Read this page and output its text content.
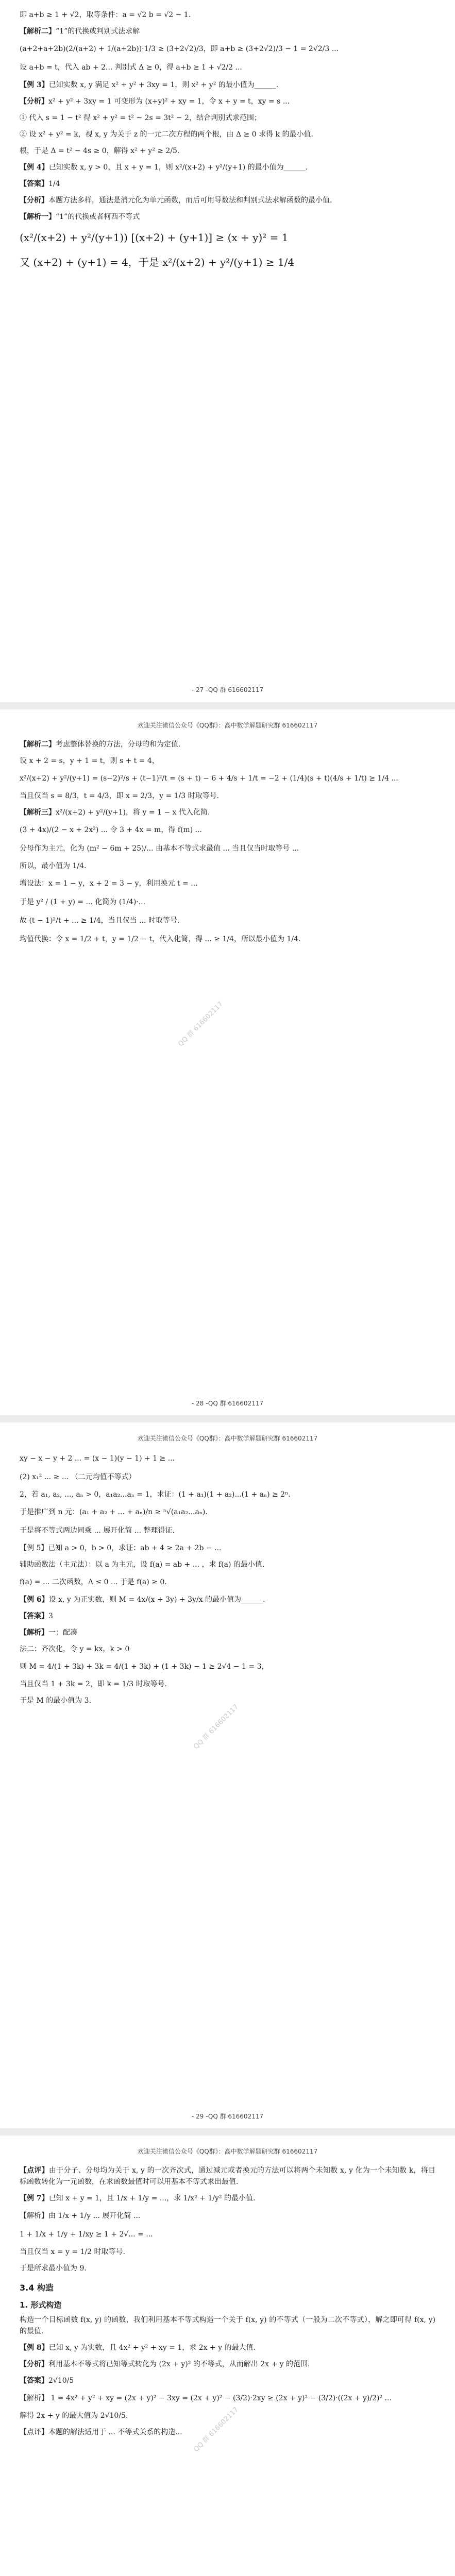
即 a+b ≥ 1 + √2，取等条件：a = √2 b = √2 − 1.

【解析二】“1”的代换或判别式法求解

(a+2+a+2b)(2/(a+2) + 1/(a+2b))·1/3 ≥ (3+2√2)/3，即 a+b ≥ (3+2√2)/3 − 1 = 2√2/3 ...

设 a+b = t，代入 ab + 2... 判别式 Δ ≥ 0，得 a+b ≥ 1 + √2/2 ...

【例 3】已知实数 x, y 满足 x² + y² + 3xy = 1，则 x² + y² 的最小值为______.

【分析】x² + y² + 3xy = 1 可变形为 (x+y)² + xy = 1，令 x + y = t，xy = s ...

① 代入 s = 1 − t² 得 x² + y² = t² − 2s = 3t² − 2，结合判别式求范围；

② 设 x² + y² = k，视 x, y 为关于 z 的一元二次方程的两个根，由 Δ ≥ 0 求得 k 的最小值.

根，于是 Δ = t² − 4s ≥ 0，解得 x² + y² ≥ 2/5.

【例 4】已知实数 x, y > 0，且 x + y = 1，则 x²/(x+2) + y²/(y+1) 的最小值为______.

【答案】1/4

【分析】本题方法多样，通法是消元化为单元函数，而后可用导数法和判别式法求解函数的最小值.

【解析一】“1”的代换或者柯西不等式

(x²/(x+2) + y²/(y+1)) [(x+2) + (y+1)] ≥ (x + y)² = 1

又 (x+2) + (y+1) = 4，于是 x²/(x+2) + y²/(y+1) ≥ 1/4

- 27 -QQ 群 616602117
欢迎关注微信公众号《QQ群》：高中数学解题研究群 616602117

【解析二】考虑整体替换的方法，分母的和为定值.

设 x + 2 = s，y + 1 = t，则 s + t = 4，

x²/(x+2) + y²/(y+1) = (s−2)²/s + (t−1)²/t = (s + t) − 6 + 4/s + 1/t = −2 + (1/4)(s + t)(4/s + 1/t) ≥ 1/4 ...

当且仅当 s = 8/3，t = 4/3，即 x = 2/3，y = 1/3 时取等号.

【解析三】x²/(x+2) + y²/(y+1)，将 y = 1 − x 代入化简.

(3 + 4x)/(2 − x + 2x²) ... 令 3 + 4x = m，得 f(m) ...

分母作为主元，化为 (m² − 6m + 25)/... 由基本不等式求最值 ... 当且仅当时取等号 ...

所以，最小值为 1/4.

增设法：x = 1 − y，x + 2 = 3 − y，利用换元 t = ...

于是 y² / (1 + y) = ... 化简为 (1/4)·...

故 (t − 1)²/t + ... ≥ 1/4，当且仅当 ... 时取等号.

均值代换：令 x = 1/2 + t，y = 1/2 − t，代入化简，得 ... ≥ 1/4，所以最小值为 1/4.

QQ 群 616602117
- 28 -QQ 群 616602117
欢迎关注微信公众号《QQ群》：高中数学解题研究群 616602117

xy − x − y + 2 ... = (x − 1)(y − 1) + 1 ≥ ...

(2) x₁² ... ≥ ... （二元均值不等式）

2，若 a₁, a₂, ..., aₙ > 0，a₁a₂...aₙ = 1，求证：(1 + a₁)(1 + a₂)...(1 + aₙ) ≥ 2ⁿ.

于是推广到 n 元：(a₁ + a₂ + ... + aₙ)/n ≥ ⁿ√(a₁a₂...aₙ).

于是将不等式两边同乘 ... 展开化简 ... 整理得证.

【例 5】已知 a > 0，b > 0，求证：ab + 4 ≥ 2a + 2b − ...

辅助函数法（主元法）：以 a 为主元，设 f(a) = ab + ... ，求 f(a) 的最小值.

f(a) = ... 二次函数，Δ ≤ 0 ... 于是 f(a) ≥ 0.

【例 6】设 x, y 为正实数，则 M = 4x/(x + 3y) + 3y/x 的最小值为______.

【答案】3

【解析】一：配凑

法二：齐次化，令 y = kx，k > 0

则 M = 4/(1 + 3k) + 3k = 4/(1 + 3k) + (1 + 3k) − 1 ≥ 2√4 − 1 = 3，

当且仅当 1 + 3k = 2，即 k = 1/3 时取等号.

于是 M 的最小值为 3.

QQ 群 616602117
- 29 -QQ 群 616602117
欢迎关注微信公众号《QQ群》：高中数学解题研究群 616602117

【点评】由于分子、分母均为关于 x, y 的一次齐次式，通过减元或者换元的方法可以将两个未知数 x, y 化为一个未知数 k，将目标函数转化为一元函数，在求函数最值时可以用基本不等式求出最值.

【例 7】已知 x + y = 1，且 1/x + 1/y = ...，求 1/x² + 1/y² 的最小值.

【解析】由 1/x + 1/y ... 展开化简 ...

1 + 1/x + 1/y + 1/xy ≥ 1 + 2√... = ...

当且仅当 x = y = 1/2 时取等号.

于是所求最小值为 9.

3.4 构造
1. 形式构造

构造一个目标函数 f(x, y) 的函数，我们利用基本不等式构造一个关于 f(x, y) 的不等式（一般为二次不等式），解之即可得 f(x, y) 的最值.

【例 8】已知 x, y 为实数，且 4x² + y² + xy = 1，求 2x + y 的最大值.

【分析】利用基本不等式将已知等式转化为 (2x + y)² 的不等式，从而解出 2x + y 的范围.

【答案】2√10/5

【解析】 1 = 4x² + y² + xy = (2x + y)² − 3xy = (2x + y)² − (3/2)·2xy ≥ (2x + y)² − (3/2)·((2x + y)/2)² ...

解得 2x + y 的最大值为 2√10/5.

【点评】本题的解法适用于 ... 不等式关系的构造...	QQ 群 616602117
